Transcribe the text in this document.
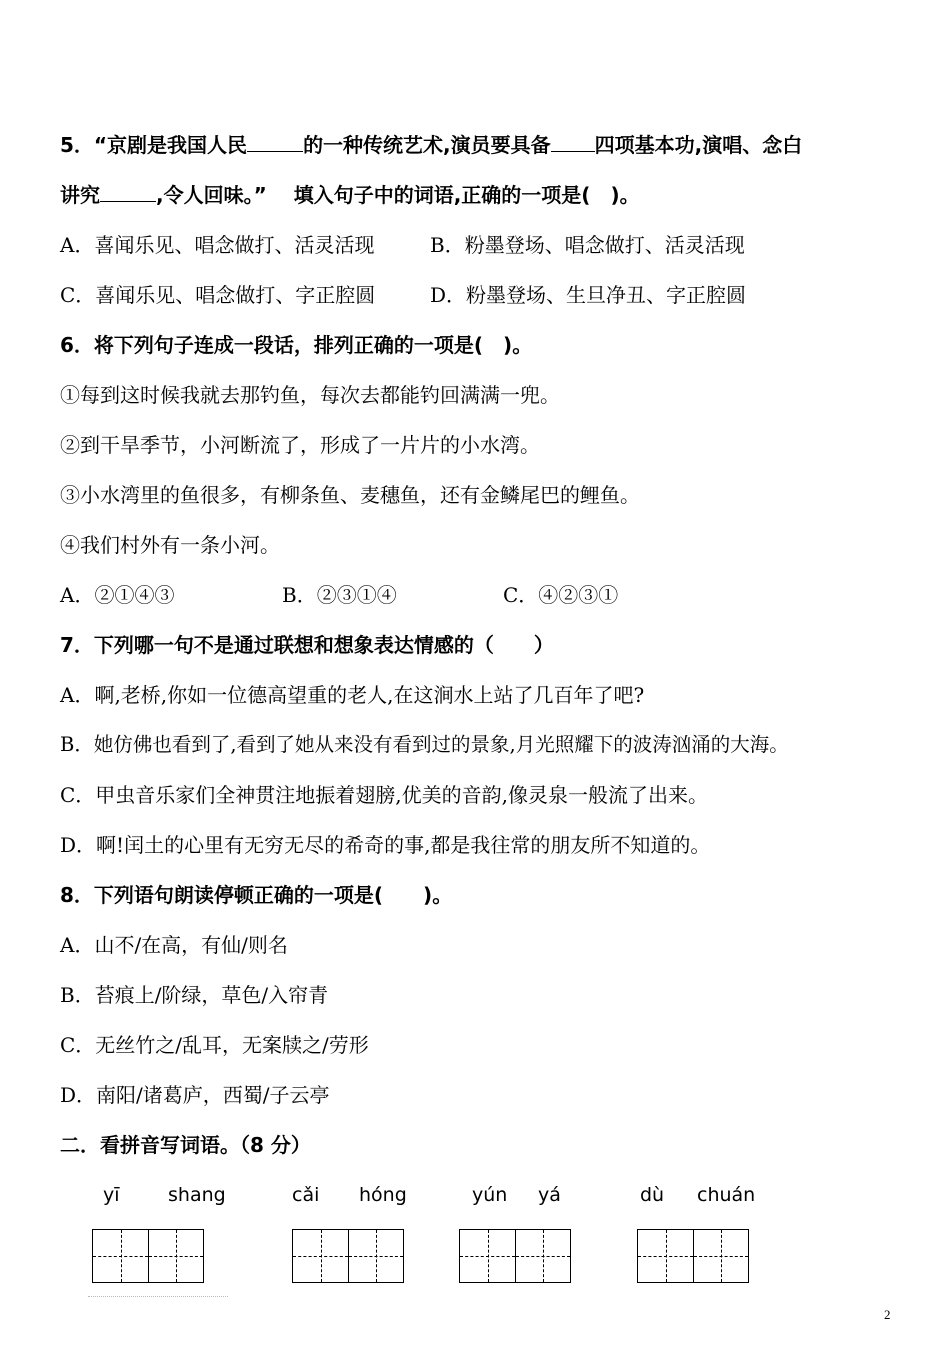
5．“京剧是我国人民	的一种传统艺术,演员要具备 四项基本功,演唱、念白
讲究	,令人回味。”　 填入句子中的词语,正确的一项是(　)。
A．喜闻乐见、唱念做打、活灵活现	B．粉墨登场、唱念做打、活灵活现
C．喜闻乐见、唱念做打、字正腔圆	D．粉墨登场、生旦净丑、字正腔圆
6．将下列句子连成一段话，排列正确的一项是(　)。
①每到这时候我就去那钓鱼，每次去都能钓回满满一兜。
②到干旱季节，小河断流了，形成了一片片的小水湾。
③小水湾里的鱼很多，有柳条鱼、麦穗鱼，还有金鳞尾巴的鲤鱼。
④我们村外有一条小河。
A．②①④③	B．②③①④	C．④②③①
7．下列哪一句不是通过联想和想象表达情感的（　　）
A．啊,老桥,你如一位德高望重的老人,在这涧水上站了几百年了吧?
B．她仿佛也看到了,看到了她从来没有看到过的景象,月光照耀下的波涛汹涌的大海。
C．甲虫音乐家们全神贯注地振着翅膀,优美的音韵,像灵泉一般流了出来。
D．啊!闰土的心里有无穷无尽的希奇的事,都是我往常的朋友所不知道的。
8．下列语句朗读停顿正确的一项是(　　)。
A．山不/在高，有仙/则名
B．苔痕上/阶绿，草色/入帘青
C．无丝竹之/乱耳，无案牍之/劳形
D．南阳/诸葛庐，西蜀/子云亭
二．看拼音写词语。（8 分）
yī	shang	cǎi hóng	yún yá	dù chuán
2
